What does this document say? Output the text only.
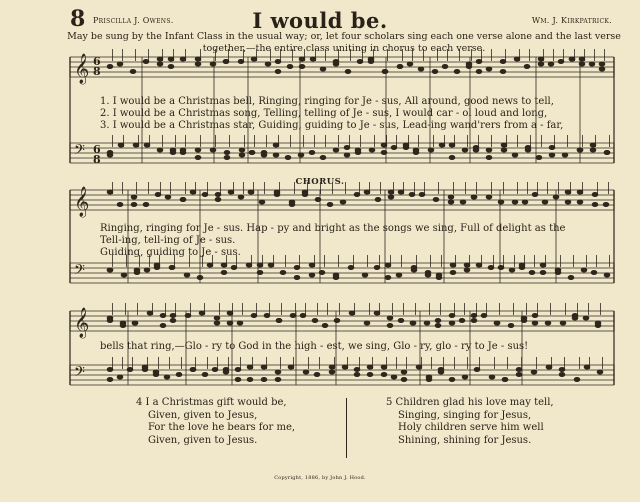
𝄞
𝄢
𝄞
𝄢
𝄞
𝄢
8 Priscilla J. Owens.	I would be.	Wm. J. Kirkpatrick.
May be sung by the Infant Class in the usual way; or, let four scholars sing each one verse alone and the last verse
together,—the entire class uniting in chorus to each verse.
6
8
6
8
1. I would be a Christmas bell, Ringing, ringing for Je - sus, All around, good news to tell,
2. I would be a Christmas song, Telling, telling of Je - sus, I would car - ol loud and long,
3. I would be a Christmas star, Guiding, guiding to Je - sus, Lead-ing wand'rers from a - far,
CHORUS.
Ringing, ringing for Je - sus. Hap - py and bright as the songs we sing, Full of delight as the
Tell-ing, tell-ing of Je - sus.
Guiding, guiding to Je - sus.
bells that ring,—Glo - ry to God in the high - est, we sing, Glo - ry, glo - ry to Je - sus!
4 I a Christmas gift would be,
Given, given to Jesus,
For the love he bears for me,
Given, given to Jesus.
5 Children glad his love may tell,
Singing, singing for Jesus,
Holy children serve him well
Shining, shining for Jesus.
Copyright, 1886, by John J. Hood.
